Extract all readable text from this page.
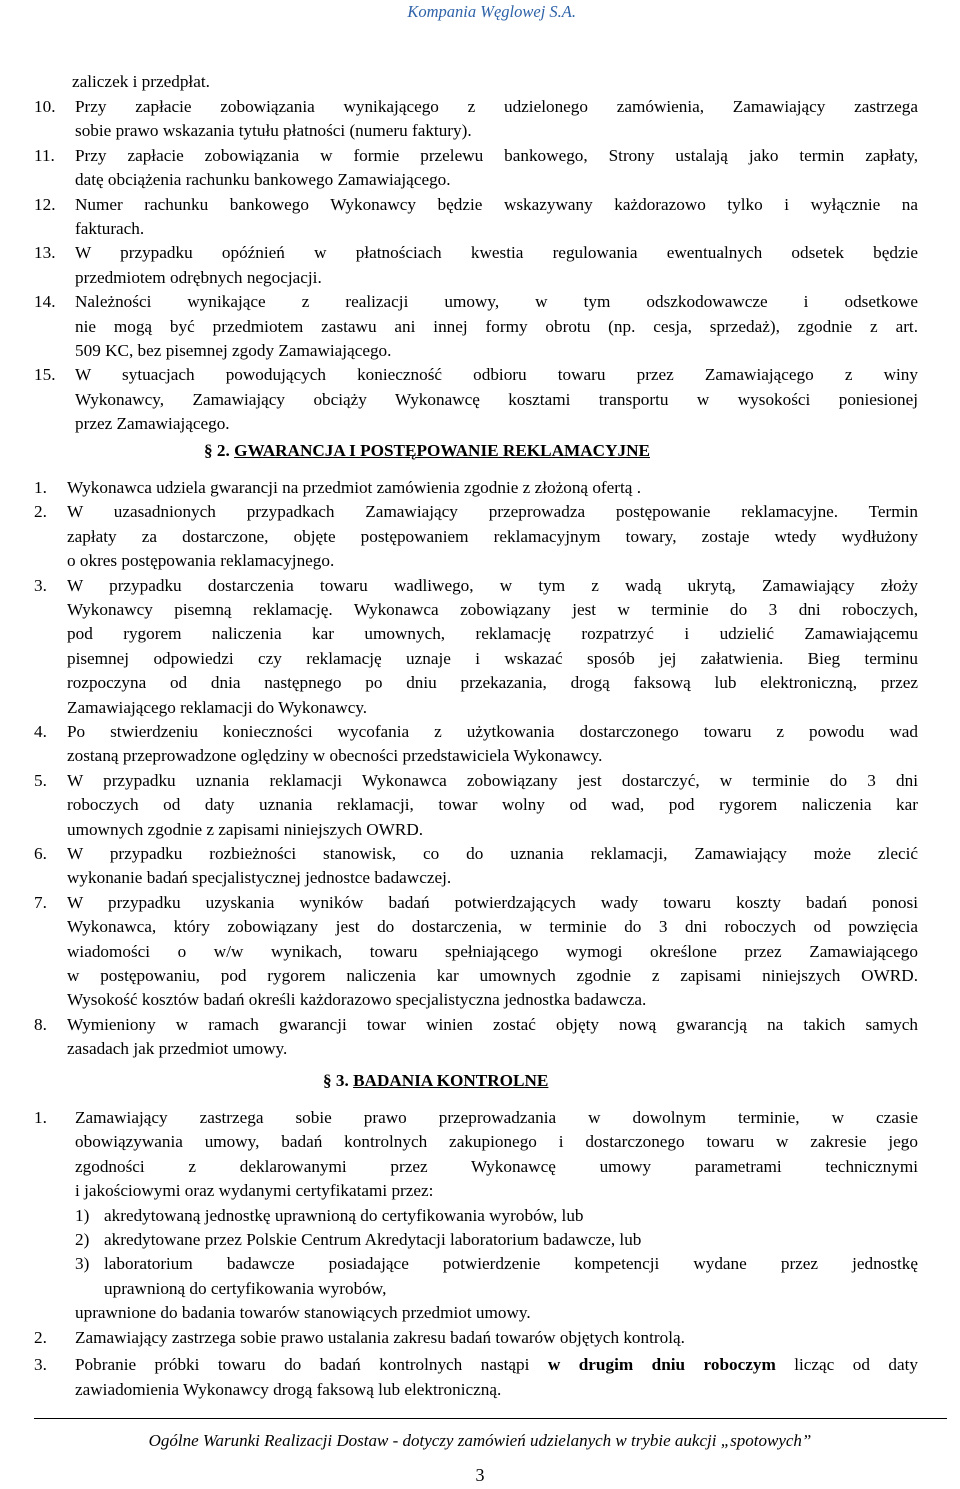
Kompania Węglowej S.A.
zaliczek i przedpłat.
10. Przy zapłacie zobowiązania wynikającego z udzielonego zamówienia, Zamawiający zastrzega
sobie prawo wskazania tytułu płatności (numeru faktury).
11. Przy zapłacie zobowiązania w formie przelewu bankowego, Strony ustalają jako termin zapłaty,
datę obciążenia rachunku bankowego Zamawiającego.
12. Numer rachunku bankowego Wykonawcy będzie wskazywany każdorazowo tylko i wyłącznie na
fakturach.
13. W przypadku opóźnień w płatnościach kwestia regulowania ewentualnych odsetek będzie
przedmiotem odrębnych negocjacji.
14. Należności wynikające z realizacji umowy, w tym odszkodowawcze i odsetkowe
nie mogą być przedmiotem zastawu ani innej formy obrotu (np. cesja, sprzedaż), zgodnie z art.
509 KC, bez pisemnej zgody Zamawiającego.
15. W sytuacjach powodujących konieczność odbioru towaru przez Zamawiającego z winy
Wykonawcy, Zamawiający obciąży Wykonawcę kosztami transportu w wysokości poniesionej
przez Zamawiającego.
§ 2. GWARANCJA I POSTĘPOWANIE REKLAMACYJNE
1. Wykonawca udziela gwarancji na przedmiot zamówienia zgodnie z złożoną ofertą .
2. W uzasadnionych przypadkach Zamawiający przeprowadza postępowanie reklamacyjne. Termin
zapłaty za dostarczone, objęte postępowaniem reklamacyjnym towary, zostaje wtedy wydłużony
o okres postępowania reklamacyjnego.
3. W przypadku dostarczenia towaru wadliwego, w tym z wadą ukrytą, Zamawiający złoży
Wykonawcy pisemną reklamację. Wykonawca zobowiązany jest w terminie do 3 dni roboczych,
pod rygorem naliczenia kar umownych, reklamację rozpatrzyć i udzielić Zamawiającemu
pisemnej odpowiedzi czy reklamację uznaje i wskazać sposób jej załatwienia. Bieg terminu
rozpoczyna od dnia następnego po dniu przekazania, drogą faksową lub elektroniczną, przez
Zamawiającego reklamacji do Wykonawcy.
4. Po stwierdzeniu konieczności wycofania z użytkowania dostarczonego towaru z powodu wad
zostaną przeprowadzone oględziny w obecności przedstawiciela Wykonawcy.
5. W przypadku uznania reklamacji Wykonawca zobowiązany jest dostarczyć, w terminie do 3 dni
roboczych od daty uznania reklamacji, towar wolny od wad, pod rygorem naliczenia kar
umownych zgodnie z zapisami niniejszych OWRD.
6. W przypadku rozbieżności stanowisk, co do uznania reklamacji, Zamawiający może zlecić
wykonanie badań specjalistycznej jednostce badawczej.
7. W przypadku uzyskania wyników badań potwierdzających wady towaru koszty badań ponosi
Wykonawca, który zobowiązany jest do dostarczenia, w terminie do 3 dni roboczych od powzięcia
wiadomości o w/w wynikach, towaru spełniającego wymogi określone przez Zamawiającego
w postępowaniu, pod rygorem naliczenia kar umownych zgodnie z zapisami niniejszych OWRD.
Wysokość kosztów badań określi każdorazowo specjalistyczna jednostka badawcza.
8. Wymieniony w ramach gwarancji towar winien zostać objęty nową gwarancją na takich samych
zasadach jak przedmiot umowy.
§ 3. BADANIA KONTROLNE
1. Zamawiający zastrzega sobie prawo przeprowadzania w dowolnym terminie, w czasie
obowiązywania umowy, badań kontrolnych zakupionego i dostarczonego towaru w zakresie jego
zgodności z deklarowanymi przez Wykonawcę umowy parametrami technicznymi
i jakościowymi oraz wydanymi certyfikatami przez:
1) akredytowaną jednostkę uprawnioną do certyfikowania wyrobów, lub
2) akredytowane przez Polskie Centrum Akredytacji laboratorium badawcze, lub
3) laboratorium badawcze posiadające potwierdzenie kompetencji wydane przez jednostkę
uprawnioną do certyfikowania wyrobów,
uprawnione do badania towarów stanowiących przedmiot umowy.
2. Zamawiający zastrzega sobie prawo ustalania zakresu badań towarów objętych kontrolą.
3. Pobranie próbki towaru do badań kontrolnych nastąpi w drugim dniu roboczym licząc od daty
zawiadomienia Wykonawcy drogą faksową lub elektroniczną.
Ogólne Warunki Realizacji Dostaw - dotyczy zamówień udzielanych w trybie aukcji „spotowych”
3
